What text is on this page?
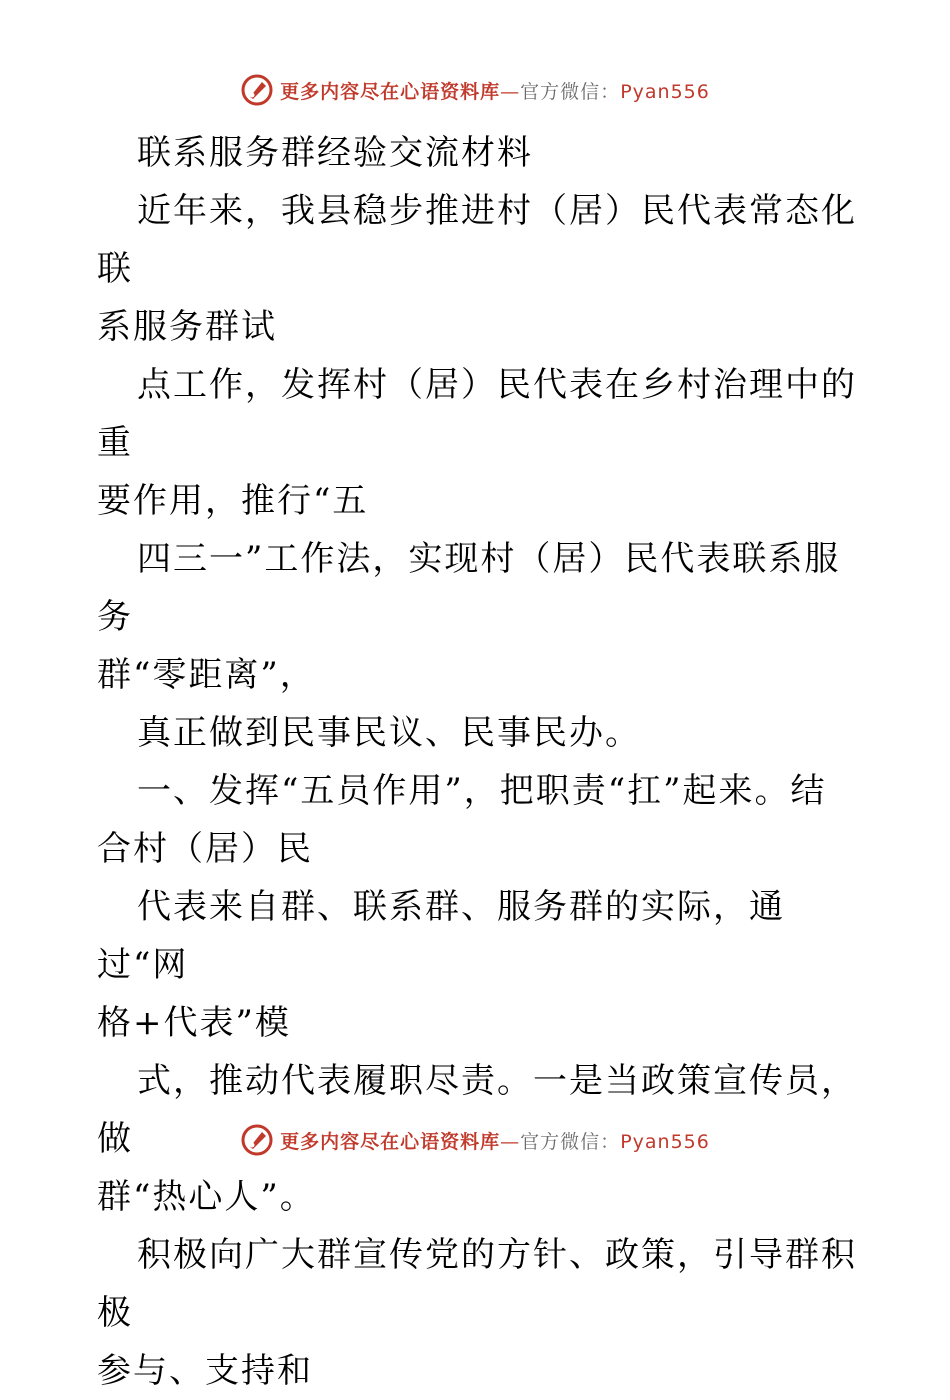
更多内容尽在心语资料库—官方微信：Pyan556

联系服务群经验交流材料

近年来，我县稳步推进村（居）民代表常态化联

系服务群试

点工作，发挥村（居）民代表在乡村治理中的重

要作用，推行“五

四三一”工作法，实现村（居）民代表联系服务

群“零距离”，

真正做到民事民议、民事民办。

一、发挥“五员作用”，把职责“扛”起来。结

合村（居）民

代表来自群、联系群、服务群的实际，通过“网

格+代表”模

式，推动代表履职尽责。一是当政策宣传员，做

群“热心人”。

积极向广大群宣传党的方针、政策，引导群积极

参与、支持和

更多内容尽在心语资料库—官方微信：Pyan556
